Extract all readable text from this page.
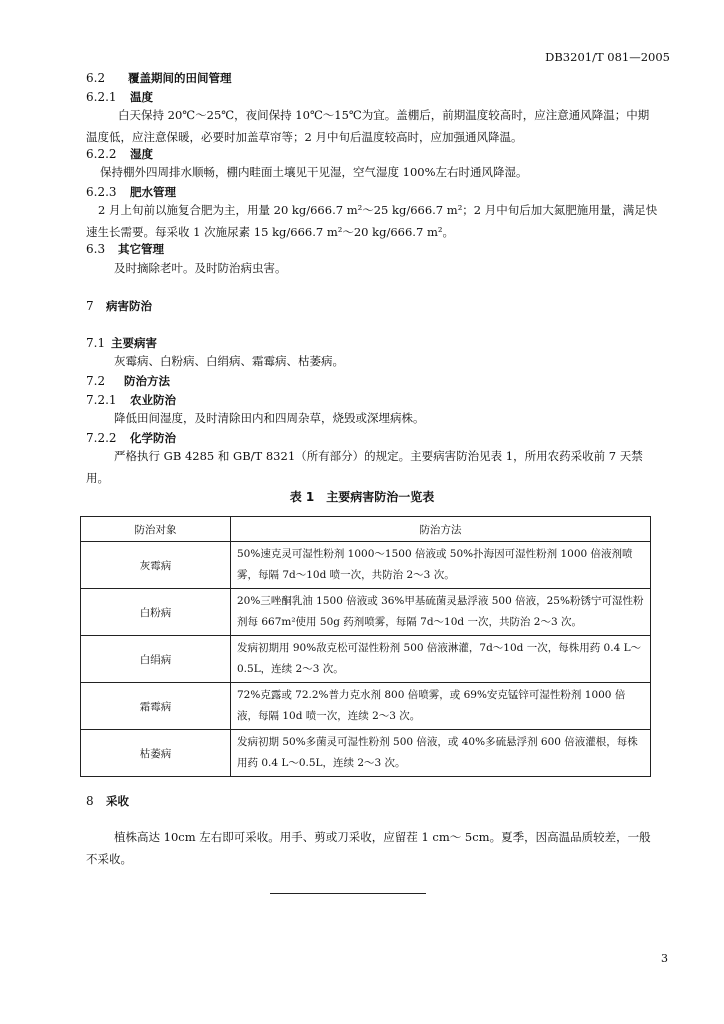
DB3201/T 081—2005
6.2 覆盖期间的田间管理
6.2.1 温度
白天保持 20℃～25℃，夜间保持 10℃～15℃为宜。盖棚后，前期温度较高时，应注意通风降温；中期温度低，应注意保暖，必要时加盖草帘等；2 月中旬后温度较高时，应加强通风降温。
6.2.2 湿度
保持棚外四周排水顺畅，棚内畦面土壤见干见湿，空气湿度 100%左右时通风降湿。
6.2.3 肥水管理
2 月上旬前以施复合肥为主，用量 20 kg/666.7 m²～25 kg/666.7 m²；2 月中旬后加大氮肥施用量，满足快速生长需要。每采收 1 次施尿素 15 kg/666.7 m²～20 kg/666.7 m²。
6.3 其它管理
及时摘除老叶。及时防治病虫害。
7 病害防治
7.1 主要病害
灰霉病、白粉病、白绢病、霜霉病、枯萎病。
7.2 防治方法
7.2.1 农业防治
降低田间湿度，及时清除田内和四周杂草，烧毁或深埋病株。
7.2.2 化学防治
严格执行 GB 4285 和 GB/T 8321（所有部分）的规定。主要病害防治见表 1，所用农药采收前 7 天禁用。
表 1　主要病害防治一览表
防治对象	防治方法
灰霉病	50%速克灵可湿性粉剂 1000～1500 倍液或 50%扑海因可湿性粉剂 1000 倍液剂喷雾，每隔 7d～10d 喷一次，共防治 2～3 次。
白粉病	20%三唑酮乳油 1500 倍液或 36%甲基硫菌灵悬浮液 500 倍液，25%粉锈宁可湿性粉剂每 667m²使用 50g 药剂喷雾，每隔 7d～10d 一次，共防治 2～3 次。
白绢病	发病初期用 90%敌克松可湿性粉剂 500 倍液淋灌，7d～10d 一次，每株用药 0.4 L～0.5L，连续 2～3 次。
霜霉病	72%克露或 72.2%普力克水剂 800 倍喷雾，或 69%安克锰锌可湿性粉剂 1000 倍液，每隔 10d 喷一次，连续 2～3 次。
枯萎病	发病初期 50%多菌灵可湿性粉剂 500 倍液，或 40%多硫悬浮剂 600 倍液灌根，每株用药 0.4 L～0.5L，连续 2～3 次。
8 采收
植株高达 10cm 左右即可采收。用手、剪或刀采收，应留茬 1 cm～ 5cm。夏季，因高温品质较差，一般不采收。
3
